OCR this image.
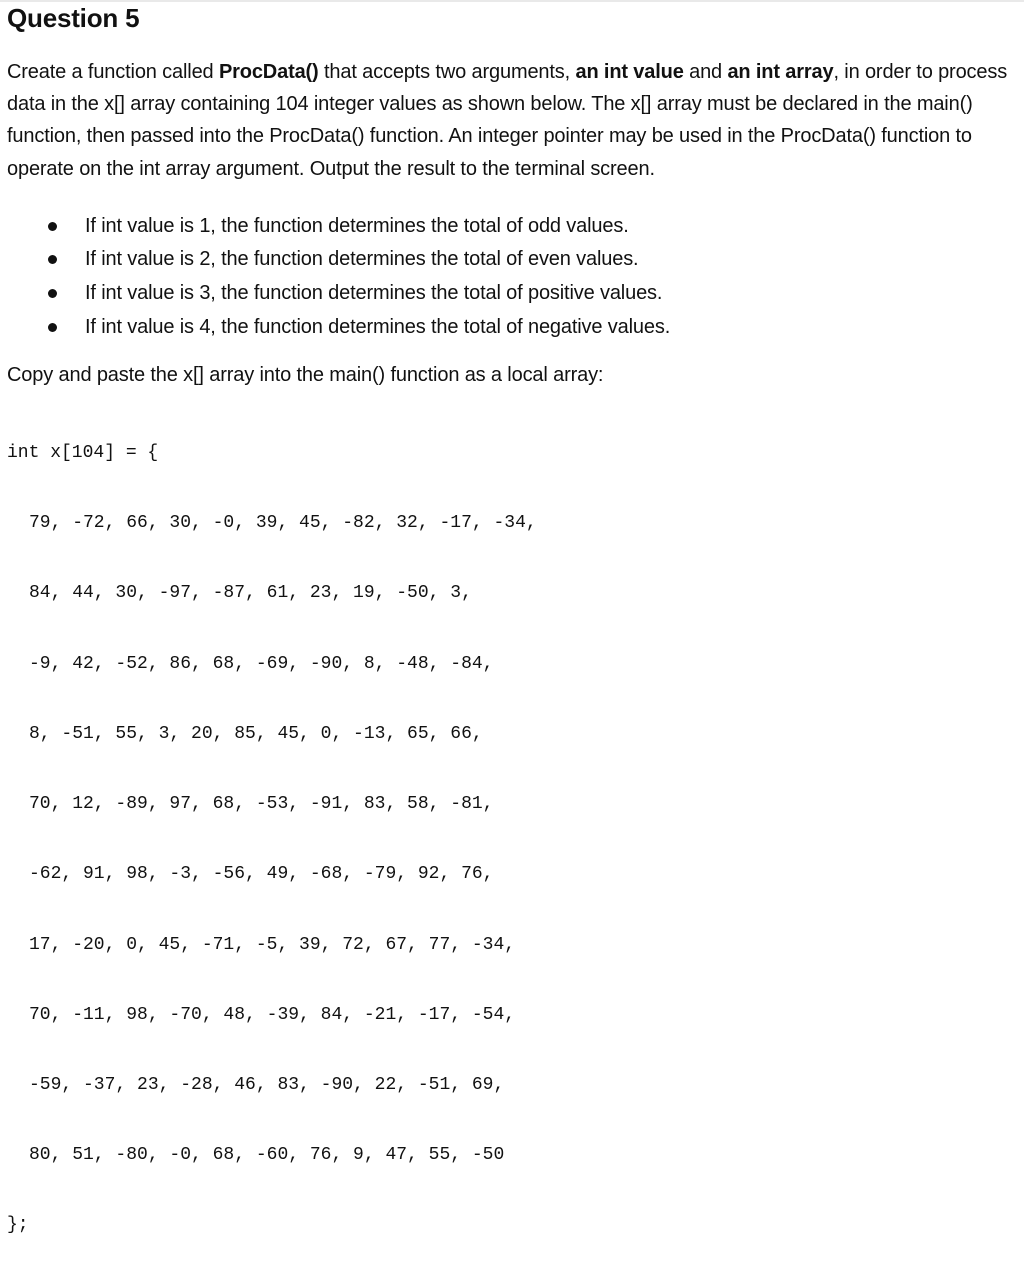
Question 5

Create a function called ProcData() that accepts two arguments, an int value and an int array, in order to process data in the x[] array containing 104 integer values as shown below. The x[] array must be declared in the main() function, then passed into the ProcData() function. An integer pointer may be used in the ProcData() function to operate on the int array argument. Output the result to the terminal screen.

If int value is 1, the function determines the total of odd values.
If int value is 2, the function determines the total of even values.
If int value is 3, the function determines the total of positive values.
If int value is 4, the function determines the total of negative values.

Copy and paste the x[] array into the main() function as a local array:

int x[104] = {

79, -72, 66, 30, -0, 39, 45, -82, 32, -17, -34,

84, 44, 30, -97, -87, 61, 23, 19, -50, 3,

-9, 42, -52, 86, 68, -69, -90, 8, -48, -84,

8, -51, 55, 3, 20, 85, 45, 0, -13, 65, 66,

70, 12, -89, 97, 68, -53, -91, 83, 58, -81,

-62, 91, 98, -3, -56, 49, -68, -79, 92, 76,

17, -20, 0, 45, -71, -5, 39, 72, 67, 77, -34,

70, -11, 98, -70, 48, -39, 84, -21, -17, -54,

-59, -37, 23, -28, 46, 83, -90, 22, -51, 69,

80, 51, -80, -0, 68, -60, 76, 9, 47, 55, -50

};
